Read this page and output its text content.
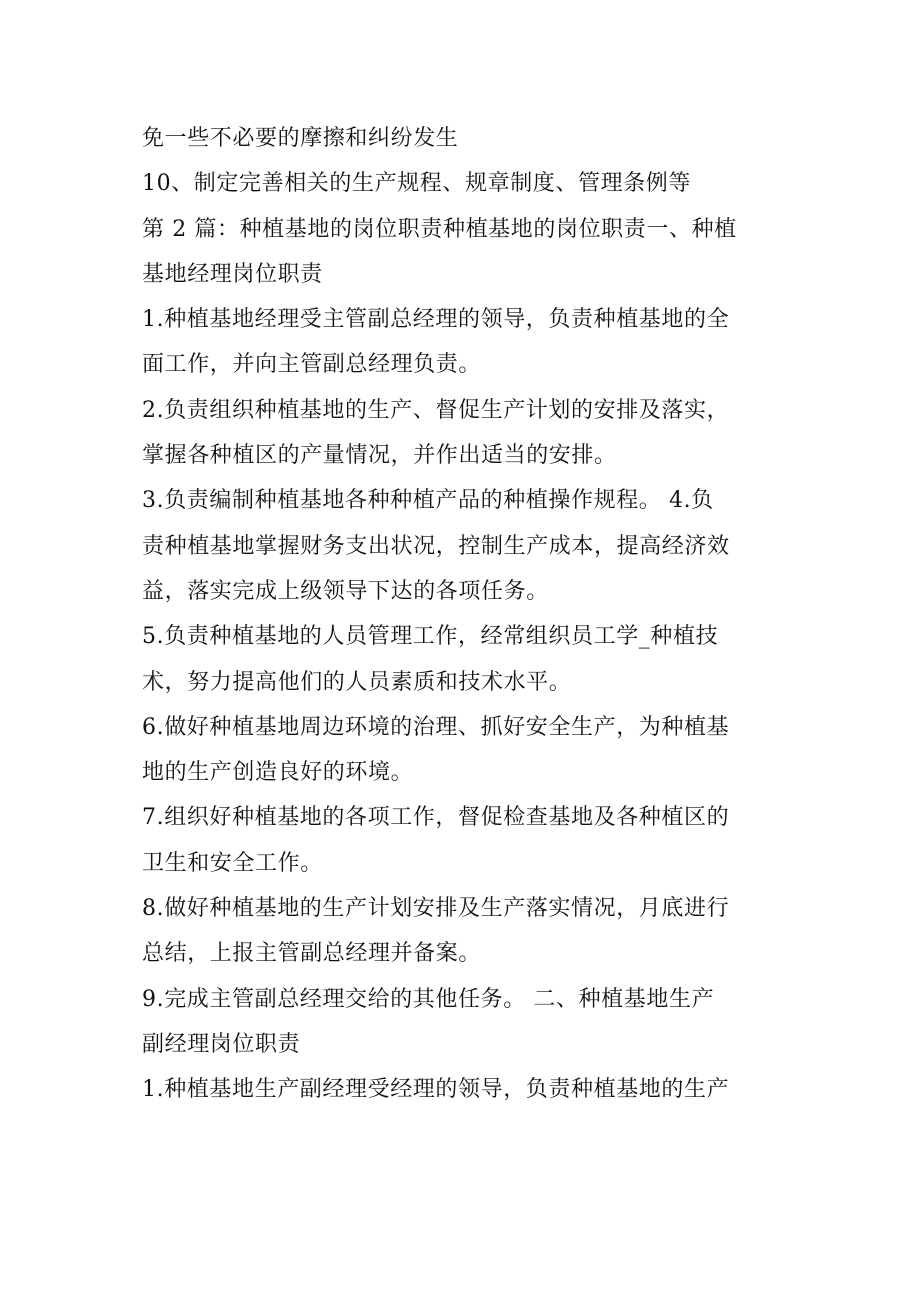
免一些不必要的摩擦和纠纷发生
10、制定完善相关的生产规程、规章制度、管理条例等
第 2 篇：种植基地的岗位职责种植基地的岗位职责一、种植
基地经理岗位职责
1.种植基地经理受主管副总经理的领导，负责种植基地的全
面工作，并向主管副总经理负责。
2.负责组织种植基地的生产、督促生产计划的安排及落实，
掌握各种植区的产量情况，并作出适当的安排。
3.负责编制种植基地各种种植产品的种植操作规程。 4.负
责种植基地掌握财务支出状况，控制生产成本，提高经济效
益，落实完成上级领导下达的各项任务。
5.负责种植基地的人员管理工作，经常组织员工学_种植技
术，努力提高他们的人员素质和技术水平。
6.做好种植基地周边环境的治理、抓好安全生产，为种植基
地的生产创造良好的环境。
7.组织好种植基地的各项工作，督促检查基地及各种植区的
卫生和安全工作。
8.做好种植基地的生产计划安排及生产落实情况，月底进行
总结，上报主管副总经理并备案。
9.完成主管副总经理交给的其他任务。 二、种植基地生产
副经理岗位职责
1.种植基地生产副经理受经理的领导，负责种植基地的生产
